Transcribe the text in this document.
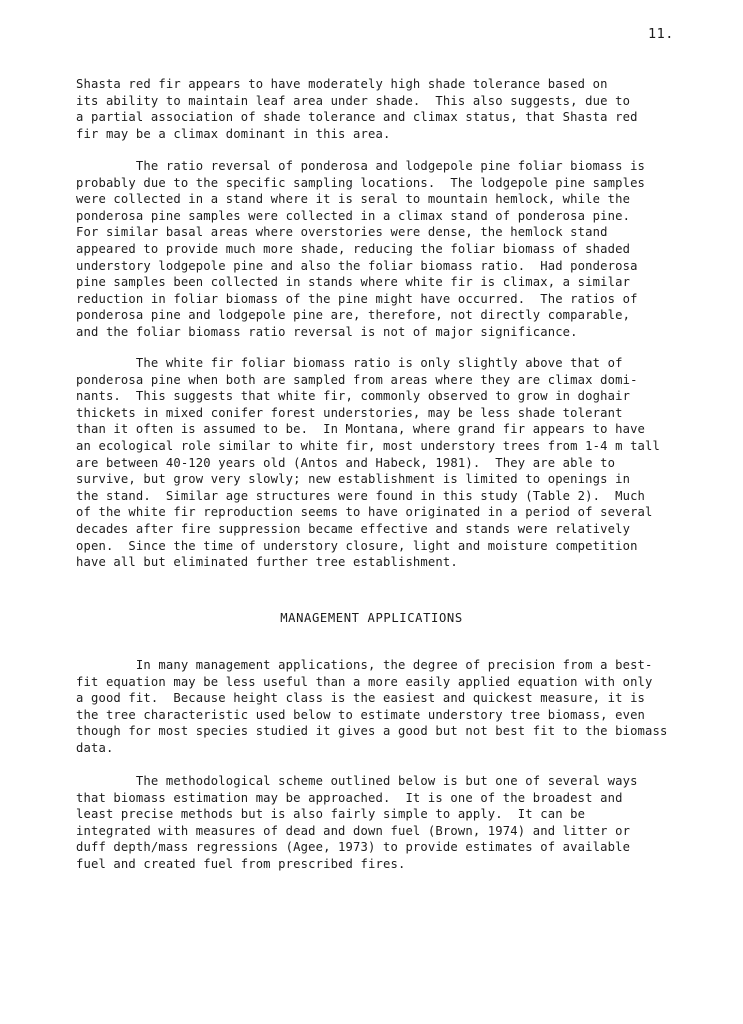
11.
Shasta red fir appears to have moderately high shade tolerance based on
its ability to maintain leaf area under shade.  This also suggests, due to
a partial association of shade tolerance and climax status, that Shasta red
fir may be a climax dominant in this area.
The ratio reversal of ponderosa and lodgepole pine foliar biomass is
probably due to the specific sampling locations.  The lodgepole pine samples
were collected in a stand where it is seral to mountain hemlock, while the
ponderosa pine samples were collected in a climax stand of ponderosa pine.
For similar basal areas where overstories were dense, the hemlock stand
appeared to provide much more shade, reducing the foliar biomass of shaded
understory lodgepole pine and also the foliar biomass ratio.  Had ponderosa
pine samples been collected in stands where white fir is climax, a similar
reduction in foliar biomass of the pine might have occurred.  The ratios of
ponderosa pine and lodgepole pine are, therefore, not directly comparable,
and the foliar biomass ratio reversal is not of major significance.
The white fir foliar biomass ratio is only slightly above that of
ponderosa pine when both are sampled from areas where they are climax domi-
nants.  This suggests that white fir, commonly observed to grow in doghair
thickets in mixed conifer forest understories, may be less shade tolerant
than it often is assumed to be.  In Montana, where grand fir appears to have
an ecological role similar to white fir, most understory trees from 1-4 m tall
are between 40-120 years old (Antos and Habeck, 1981).  They are able to
survive, but grow very slowly; new establishment is limited to openings in
the stand.  Similar age structures were found in this study (Table 2).  Much
of the white fir reproduction seems to have originated in a period of several
decades after fire suppression became effective and stands were relatively
open.  Since the time of understory closure, light and moisture competition
have all but eliminated further tree establishment.
MANAGEMENT APPLICATIONS
In many management applications, the degree of precision from a best-
fit equation may be less useful than a more easily applied equation with only
a good fit.  Because height class is the easiest and quickest measure, it is
the tree characteristic used below to estimate understory tree biomass, even
though for most species studied it gives a good but not best fit to the biomass
data.
The methodological scheme outlined below is but one of several ways
that biomass estimation may be approached.  It is one of the broadest and
least precise methods but is also fairly simple to apply.  It can be
integrated with measures of dead and down fuel (Brown, 1974) and litter or
duff depth/mass regressions (Agee, 1973) to provide estimates of available
fuel and created fuel from prescribed fires.
